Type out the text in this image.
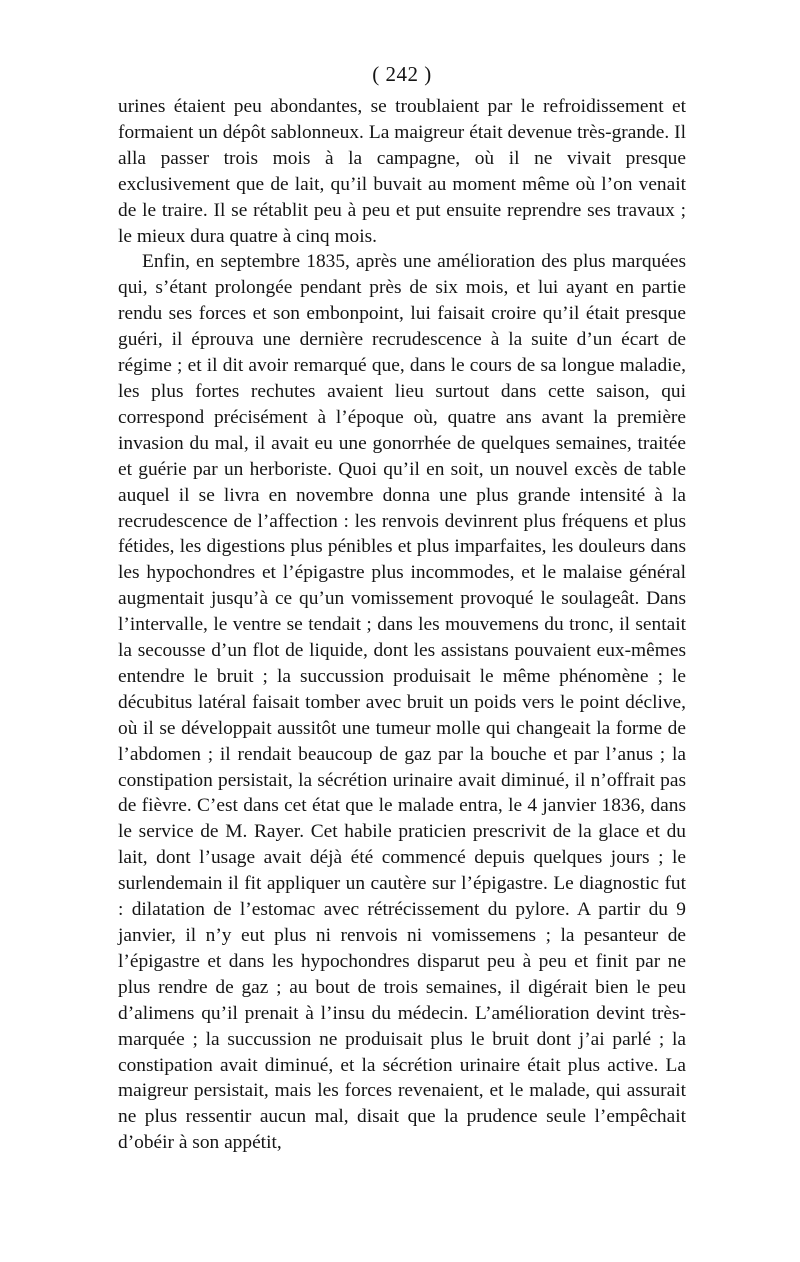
( 242 )

urines étaient peu abondantes, se troublaient par le refroidissement et formaient un dépôt sablonneux. La maigreur était devenue très-grande. Il alla passer trois mois à la campagne, où il ne vivait presque exclusivement que de lait, qu’il buvait au moment même où l’on venait de le traire. Il se rétablit peu à peu et put ensuite reprendre ses travaux ; le mieux dura quatre à cinq mois.

Enfin, en septembre 1835, après une amélioration des plus marquées qui, s’étant prolongée pendant près de six mois, et lui ayant en partie rendu ses forces et son embonpoint, lui faisait croire qu’il était presque guéri, il éprouva une dernière recrudescence à la suite d’un écart de régime ; et il dit avoir remarqué que, dans le cours de sa longue maladie, les plus fortes rechutes avaient lieu surtout dans cette saison, qui correspond précisément à l’époque où, quatre ans avant la première invasion du mal, il avait eu une gonorrhée de quelques semaines, traitée et guérie par un herboriste. Quoi qu’il en soit, un nouvel excès de table auquel il se livra en novembre donna une plus grande intensité à la recrudescence de l’affection : les renvois devinrent plus fréquens et plus fétides, les digestions plus pénibles et plus imparfaites, les douleurs dans les hypochondres et l’épigastre plus incommodes, et le malaise général augmentait jusqu’à ce qu’un vomissement provoqué le soulageât. Dans l’intervalle, le ventre se tendait ; dans les mouvemens du tronc, il sentait la secousse d’un flot de liquide, dont les assistans pouvaient eux-mêmes entendre le bruit ; la succussion produisait le même phénomène ; le décubitus latéral faisait tomber avec bruit un poids vers le point déclive, où il se développait aussitôt une tumeur molle qui changeait la forme de l’abdomen ; il rendait beaucoup de gaz par la bouche et par l’anus ; la constipation persistait, la sécrétion urinaire avait diminué, il n’offrait pas de fièvre. C’est dans cet état que le malade entra, le 4 janvier 1836, dans le service de M. Rayer. Cet habile praticien prescrivit de la glace et du lait, dont l’usage avait déjà été commencé depuis quelques jours ; le surlendemain il fit appliquer un cautère sur l’épigastre. Le diagnostic fut : dilatation de l’estomac avec rétrécissement du pylore. A partir du 9 janvier, il n’y eut plus ni renvois ni vomissemens ; la pesanteur de l’épigastre et dans les hypochondres disparut peu à peu et finit par ne plus rendre de gaz ; au bout de trois semaines, il digérait bien le peu d’alimens qu’il prenait à l’insu du médecin. L’amélioration devint très-marquée ; la succussion ne produisait plus le bruit dont j’ai parlé ; la constipation avait diminué, et la sécrétion urinaire était plus active. La maigreur persistait, mais les forces revenaient, et le malade, qui assurait ne plus ressentir aucun mal, disait que la prudence seule l’empêchait d’obéir à son appétit,
